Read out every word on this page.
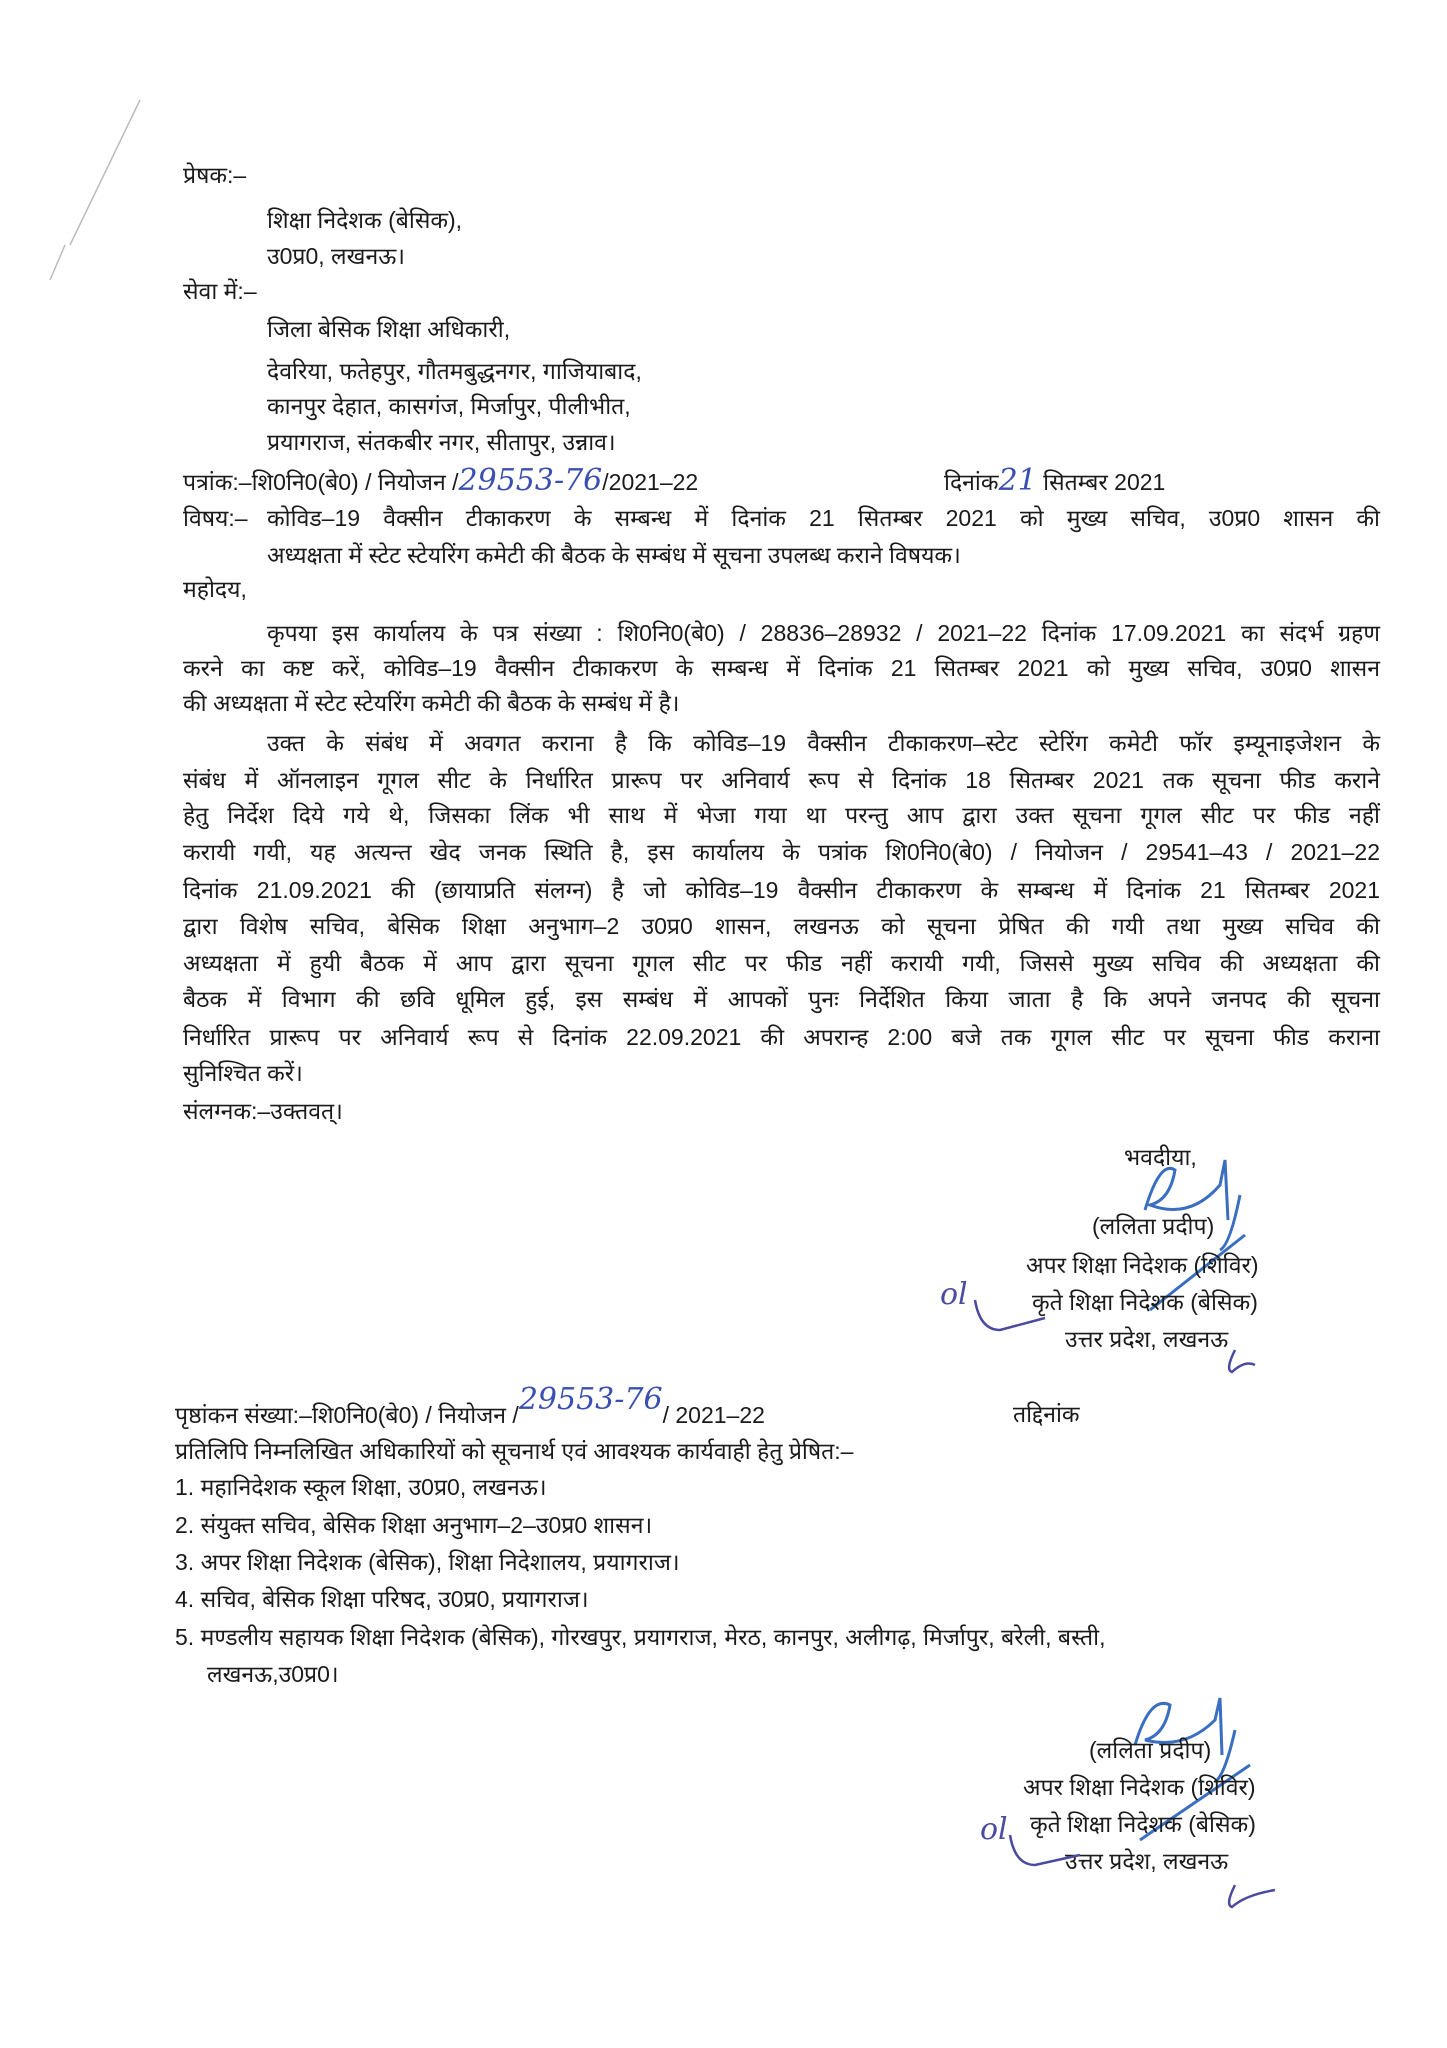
प्रेषक:–
शिक्षा निदेशक (बेसिक),
उ0प्र0, लखनऊ।
सेवा में:–
जिला बेसिक शिक्षा अधिकारी,
देवरिया, फतेहपुर, गौतमबुद्धनगर, गाजियाबाद,
कानपुर देहात, कासगंज, मिर्जापुर, पीलीभीत,
प्रयागराज, संतकबीर नगर, सीतापुर, उन्नाव।
पत्रांक:–शि0नि0(बे0) / नियोजन /29553-76/2021–22	दिनांक21 सितम्बर 2021
विषय:– कोविड–19 वैक्सीन टीकाकरण के सम्बन्ध में दिनांक 21 सितम्बर 2021 को मुख्य सचिव, उ0प्र0 शासन की
अध्यक्षता में स्टेट स्टेयरिंग कमेटी की बैठक के सम्बंध में सूचना उपलब्ध कराने विषयक।
महोदय,
कृपया इस कार्यालय के पत्र संख्या : शि0नि0(बे0) / 28836–28932 / 2021–22 दिनांक 17.09.2021 का संदर्भ ग्रहण
करने का कष्ट करें, कोविड–19 वैक्सीन टीकाकरण के सम्बन्ध में दिनांक 21 सितम्बर 2021 को मुख्य सचिव, उ0प्र0 शासन
की अध्यक्षता में स्टेट स्टेयरिंग कमेटी की बैठक के सम्बंध में है।
उक्त के संबंध में अवगत कराना है कि कोविड–19 वैक्सीन टीकाकरण–स्टेट स्टेरिंग कमेटी फॉर इम्यूनाइजेशन के
संबंध में ऑनलाइन गूगल सीट के निर्धारित प्रारूप पर अनिवार्य रूप से दिनांक 18 सितम्बर 2021 तक सूचना फीड कराने
हेतु निर्देश दिये गये थे, जिसका लिंक भी साथ में भेजा गया था परन्तु आप द्वारा उक्त सूचना गूगल सीट पर फीड नहीं
करायी गयी, यह अत्यन्त खेद जनक स्थिति है, इस कार्यालय के पत्रांक शि0नि0(बे0) / नियोजन / 29541–43 / 2021–22
दिनांक 21.09.2021 की (छायाप्रति संलग्न) है जो कोविड–19 वैक्सीन टीकाकरण के सम्बन्ध में दिनांक 21 सितम्बर 2021
द्वारा विशेष सचिव, बेसिक शिक्षा अनुभाग–2 उ0प्र0 शासन, लखनऊ को सूचना प्रेषित की गयी तथा मुख्य सचिव की
अध्यक्षता में हुयी बैठक में आप द्वारा सूचना गूगल सीट पर फीड नहीं करायी गयी, जिससे मुख्य सचिव की अध्यक्षता की
बैठक में विभाग की छवि धूमिल हुई, इस सम्बंध में आपकों पुनः निर्देशित किया जाता है कि अपने जनपद की सूचना
निर्धारित प्रारूप पर अनिवार्य रूप से दिनांक 22.09.2021 की अपरान्ह 2:00 बजे तक गूगल सीट पर सूचना फीड कराना
सुनिश्चित करें।
संलग्नक:–उक्तवत्।
भवदीया,
(ललिता प्रदीप)
अपर शिक्षा निदेशक (शिविर)
कृते शिक्षा निदेशक (बेसिक)
उत्तर प्रदेश, लखनऊ
ol
पृष्ठांकन संख्या:–शि0नि0(बे0) / नियोजन /29553-76/ 2021–22	तद्दिनांक
प्रतिलिपि निम्नलिखित अधिकारियों को सूचनार्थ एवं आवश्यक कार्यवाही हेतु प्रेषित:–
1. महानिदेशक स्कूल शिक्षा, उ0प्र0, लखनऊ।
2. संयुक्त सचिव, बेसिक शिक्षा अनुभाग–2–उ0प्र0 शासन।
3. अपर शिक्षा निदेशक (बेसिक), शिक्षा निदेशालय, प्रयागराज।
4. सचिव, बेसिक शिक्षा परिषद, उ0प्र0, प्रयागराज।
5. मण्डलीय सहायक शिक्षा निदेशक (बेसिक), गोरखपुर, प्रयागराज, मेरठ, कानपुर, अलीगढ़, मिर्जापुर, बरेली, बस्ती,
लखनऊ,उ0प्र0।
(ललिता प्रदीप)
अपर शिक्षा निदेशक (शिविर)
कृते शिक्षा निदेशक (बेसिक)
उत्तर प्रदेश, लखनऊ
ol
